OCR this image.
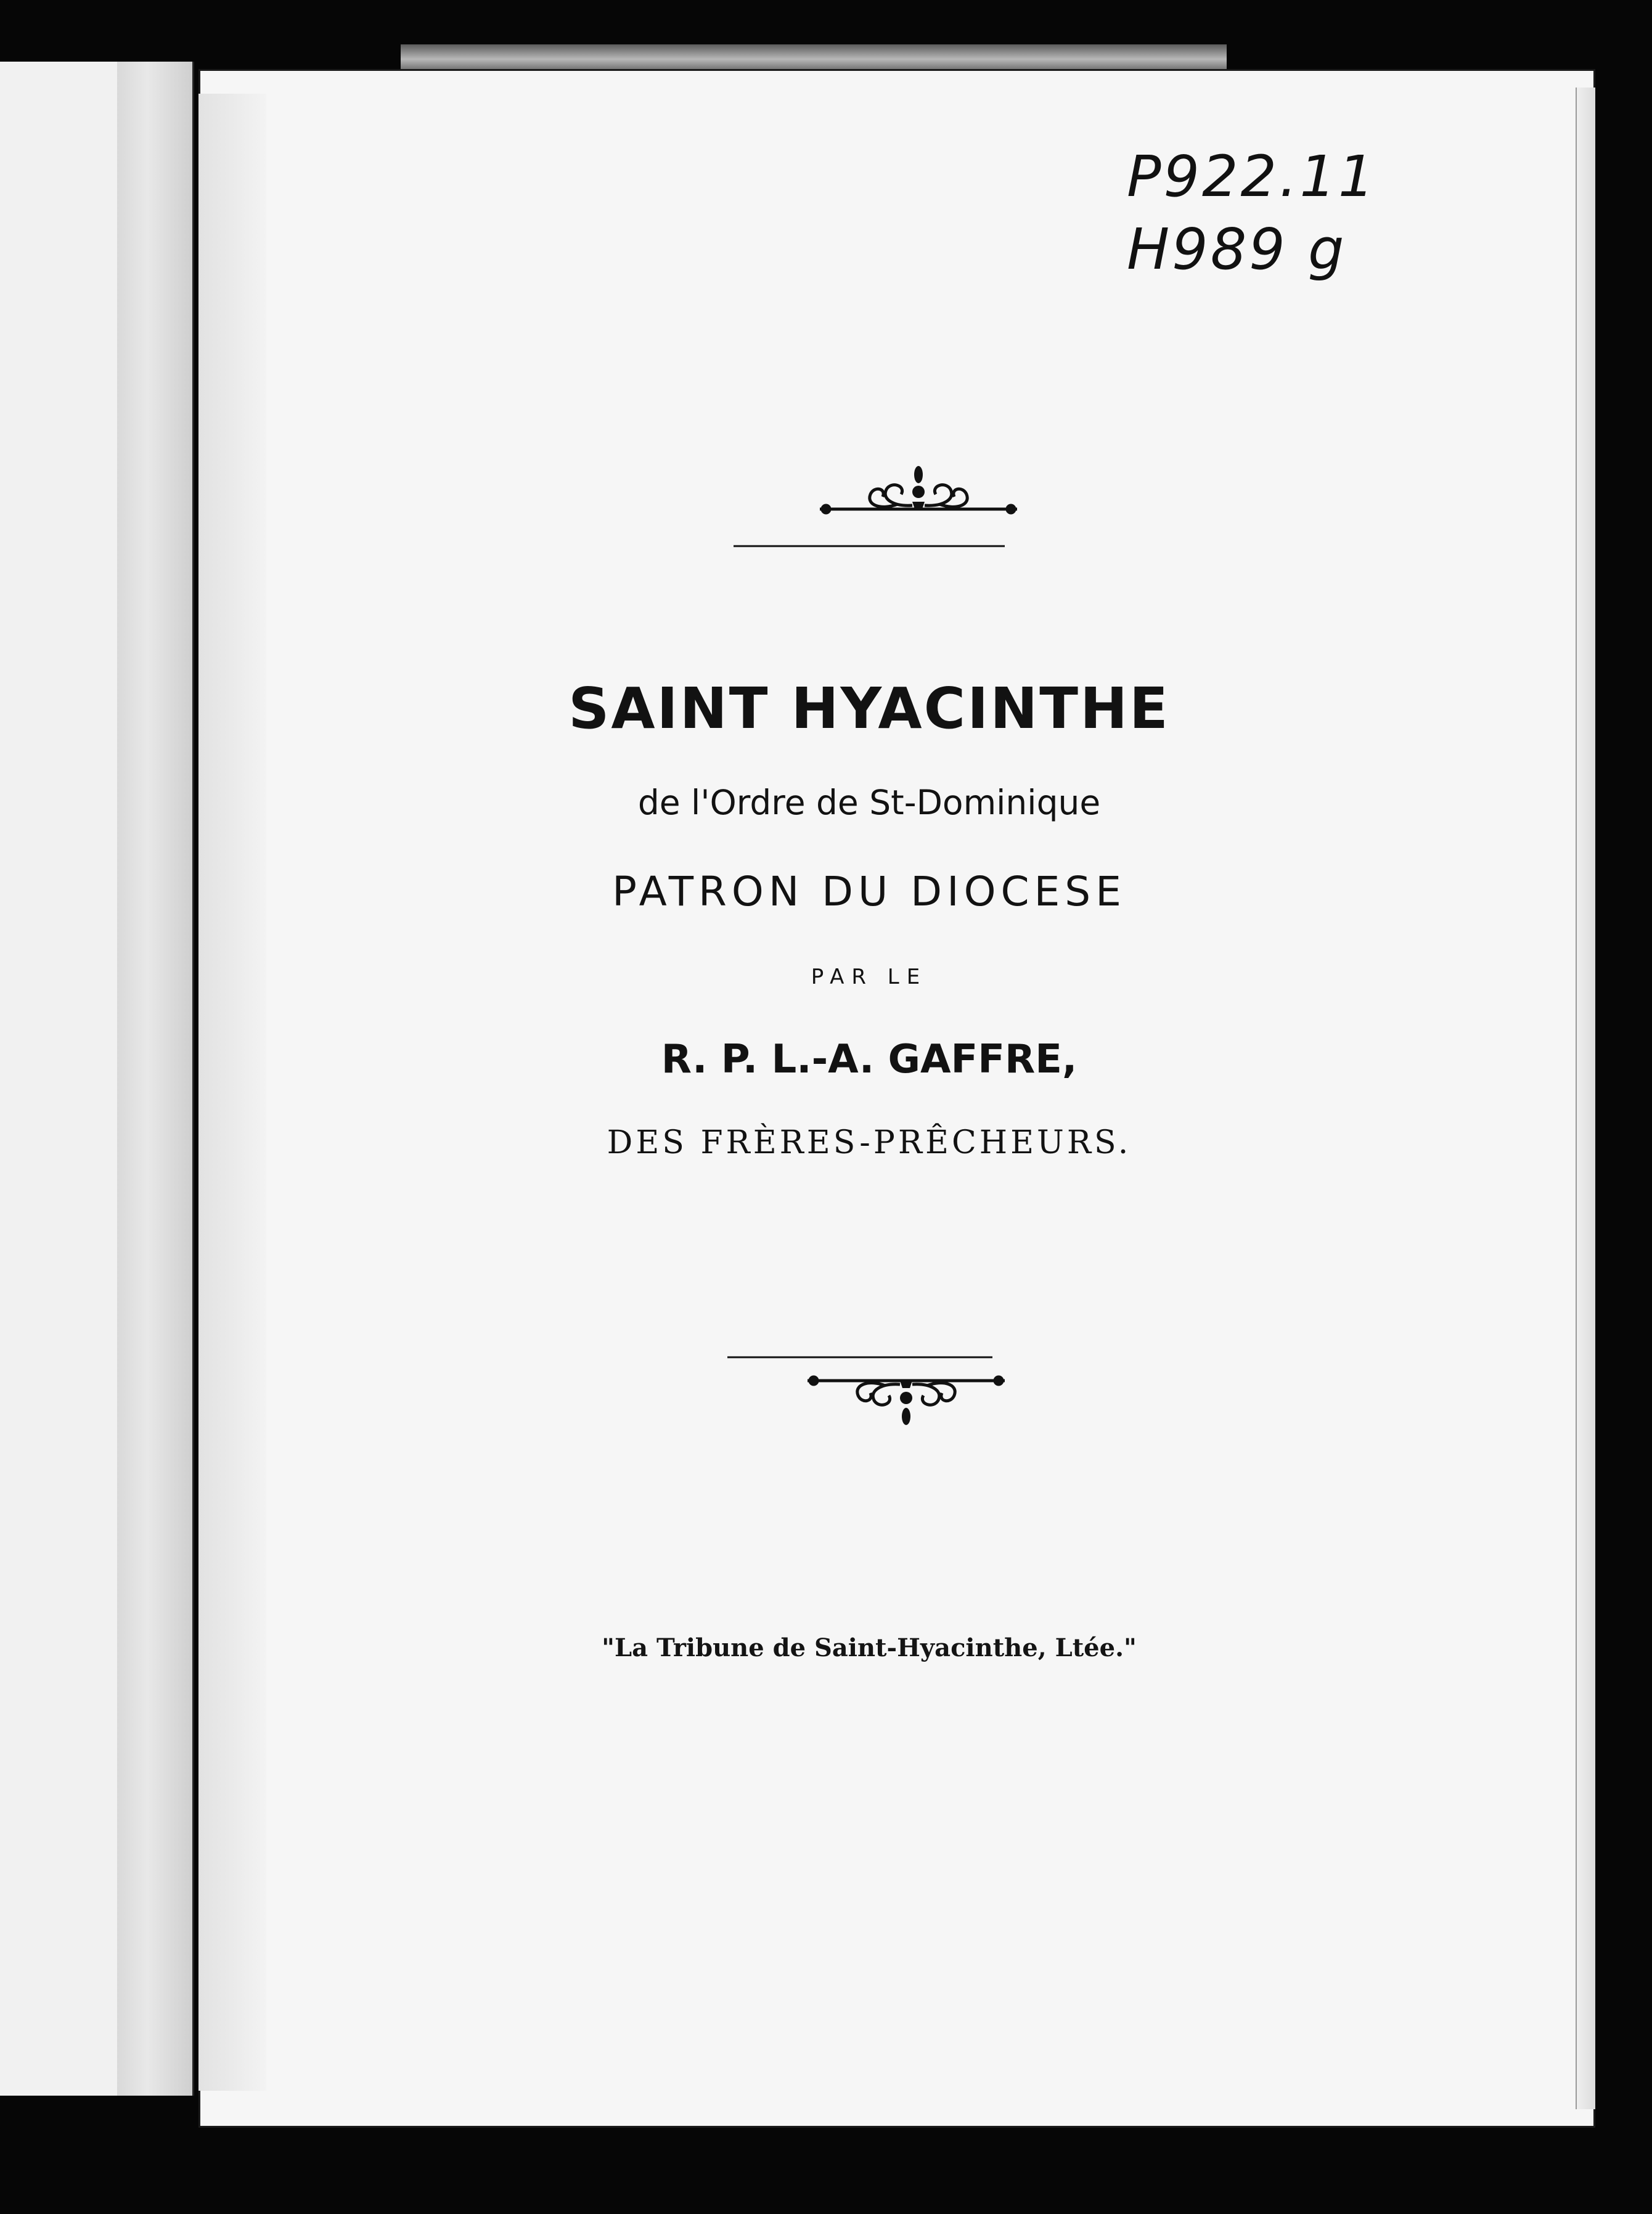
P922.11
H989 g
SAINT HYACINTHE
de l'Ordre de St-Dominique
PATRON DU DIOCESE
PAR LE
R. P. L.-A. GAFFRE,
DES FRÈRES-PRÊCHEURS.
"La Tribune de Saint-Hyacinthe, Ltée."
